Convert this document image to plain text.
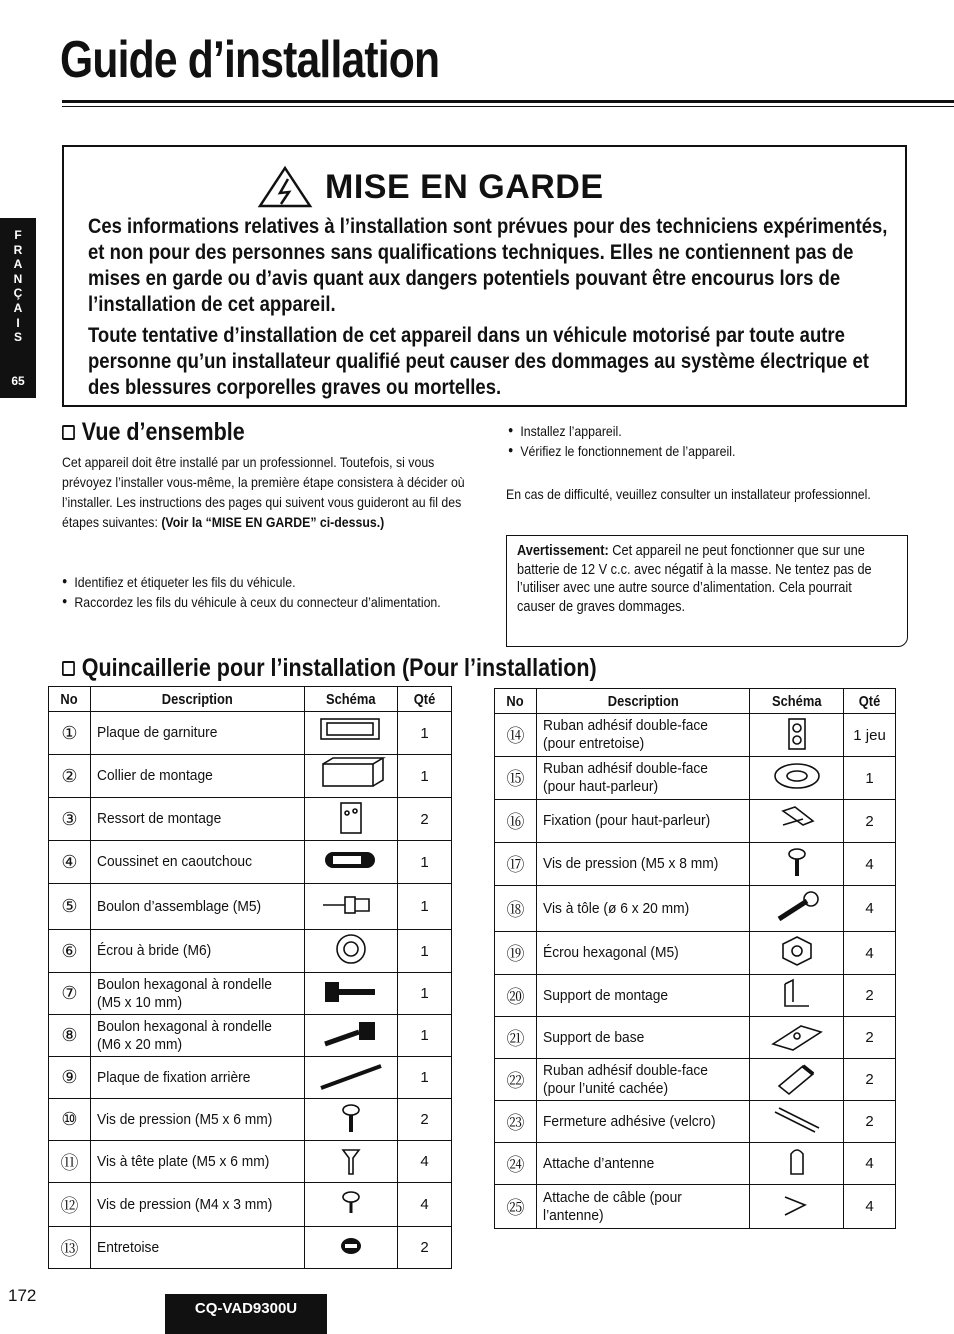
Guide d’installation
F
R
A
N
Ç
A
I
S
65
MISE EN GARDE

Ces informations relatives à l’installation sont prévues pour des techniciens expérimentés, et non pour des personnes sans qualifications techniques. Elles ne contiennent pas de mises en garde ou d’avis quant aux dangers potentiels pouvant être encourus lors de l’installation de cet appareil.

Toute tentative d’installation de cet appareil dans un véhicule motorisé par toute autre personne qu’un installateur qualifié peut causer des dommages au système électrique et des blessures corporelles graves ou mortelles.

Vue d’ensemble

Cet appareil doit être installé par un professionnel. Toutefois, si vous prévoyez l’installer vous-même, la première étape consistera à décider où l’installer. Les instructions des pages qui suivent vous guideront au fil des étapes suivantes: (Voir la “MISE EN GARDE” ci-dessus.)

● Identifiez et étiqueter les fils du véhicule.
● Raccordez les fils du véhicule à ceux du connecteur d’alimentation.
● Installez l’appareil.
● Vérifiez le fonctionnement de l’appareil.

En cas de difficulté, veuillez consulter un installateur professionnel.

Avertissement: Cet appareil ne peut fonctionner que sur une batterie de 12 V c.c. avec négatif à la masse. Ne tentez pas de l’utiliser avec une autre source d’alimentation. Cela pourrait causer de graves dommages.

Quincaillerie pour l’installation (Pour l’installation)
No	Description	Schéma	Qté
①	Plaque de garniture		1
②	Collier de montage		1
③	Ressort de montage		2
④	Coussinet en caoutchouc		1
⑤	Boulon d’assemblage (M5)		1
⑥	Écrou à bride (M6)		1
⑦	Boulon hexagonal à rondelle (M5 x 10 mm)		1
⑧	Boulon hexagonal à rondelle (M6 x 20 mm)		1
⑨	Plaque de fixation arrière		1
⑩	Vis de pression (M5 x 6 mm)		2
⑪	Vis à tête plate (M5 x 6 mm)		4
⑫	Vis de pression (M4 x 3 mm)		4
⑬	Entretoise		2
No	Description	Schéma	Qté
⑭	Ruban adhésif double-face (pour entretoise)		1 jeu
⑮	Ruban adhésif double-face (pour haut-parleur)		1
⑯	Fixation (pour haut-parleur)		2
⑰	Vis de pression (M5 x 8 mm)		4
⑱	Vis à tôle (ø 6 x 20 mm)		4
⑲	Écrou hexagonal (M5)		4
⑳	Support de montage		2
㉑	Support de base		2
㉒	Ruban adhésif double-face (pour l’unité cachée)		2
㉓	Fermeture adhésive (velcro)		2
㉔	Attache d’antenne		4
㉕	Attache de câble (pour l’antenne)		4
172
CQ-VAD9300U
